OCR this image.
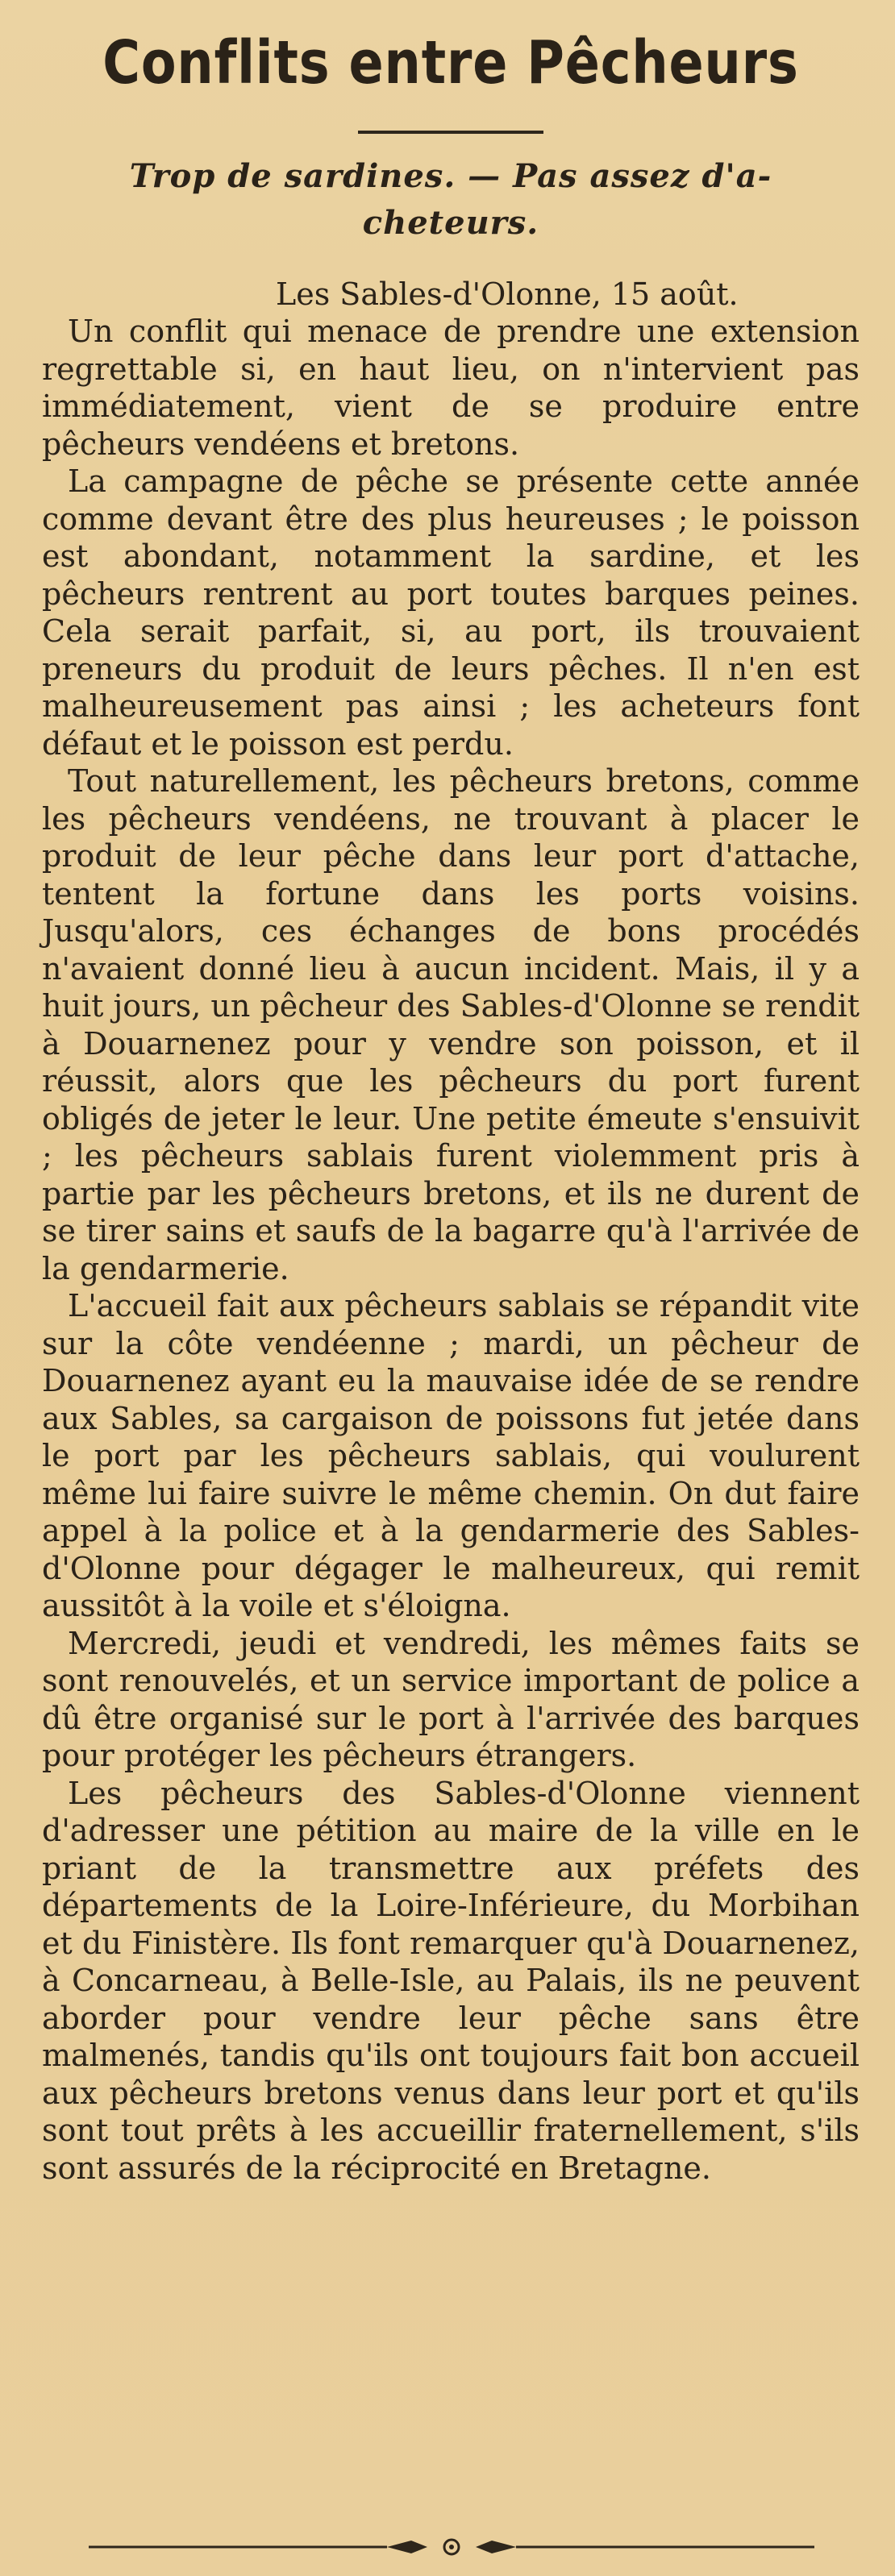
Conflits entre Pêcheurs
Trop de sardines. — Pas assez d'a-
cheteurs.

Les Sables-d'Olonne, 15 août.

Un conflit qui menace de prendre une extension regrettable si, en haut lieu, on n'intervient pas immédiatement, vient de se produire entre pêcheurs vendéens et bretons.

La campagne de pêche se présente cette année comme devant être des plus heureuses ; le poisson est abondant, notamment la sardine, et les pêcheurs rentrent au port toutes barques peines. Cela serait parfait, si, au port, ils trouvaient preneurs du produit de leurs pêches. Il n'en est malheureusement pas ainsi ; les acheteurs font défaut et le poisson est perdu.

Tout naturellement, les pêcheurs bretons, comme les pêcheurs vendéens, ne trouvant à placer le produit de leur pêche dans leur port d'attache, tentent la fortune dans les ports voisins. Jusqu'alors, ces échanges de bons procédés n'avaient donné lieu à aucun incident. Mais, il y a huit jours, un pêcheur des Sables-d'Olonne se rendit à Douarnenez pour y vendre son poisson, et il réussit, alors que les pêcheurs du port furent obligés de jeter le leur. Une petite émeute s'ensuivit ; les pêcheurs sablais furent violemment pris à partie par les pêcheurs bretons, et ils ne durent de se tirer sains et saufs de la bagarre qu'à l'arrivée de la gendarmerie.

L'accueil fait aux pêcheurs sablais se répandit vite sur la côte vendéenne ; mardi, un pêcheur de Douarnenez ayant eu la mauvaise idée de se rendre aux Sables, sa cargaison de poissons fut jetée dans le port par les pêcheurs sablais, qui voulurent même lui faire suivre le même chemin. On dut faire appel à la police et à la gendarmerie des Sables-d'Olonne pour dégager le malheureux, qui remit aussitôt à la voile et s'éloigna.

Mercredi, jeudi et vendredi, les mêmes faits se sont renouvelés, et un service important de police a dû être organisé sur le port à l'arrivée des barques pour protéger les pêcheurs étrangers.

Les pêcheurs des Sables-d'Olonne viennent d'adresser une pétition au maire de la ville en le priant de la transmettre aux préfets des départements de la Loire-Inférieure, du Morbihan et du Finistère. Ils font remarquer qu'à Douarnenez, à Concarneau, à Belle-Isle, au Palais, ils ne peuvent aborder pour vendre leur pêche sans être malmenés, tandis qu'ils ont toujours fait bon accueil aux pêcheurs bretons venus dans leur port et qu'ils sont tout prêts à les accueillir fraternellement, s'ils sont assurés de la réciprocité en Bretagne.
